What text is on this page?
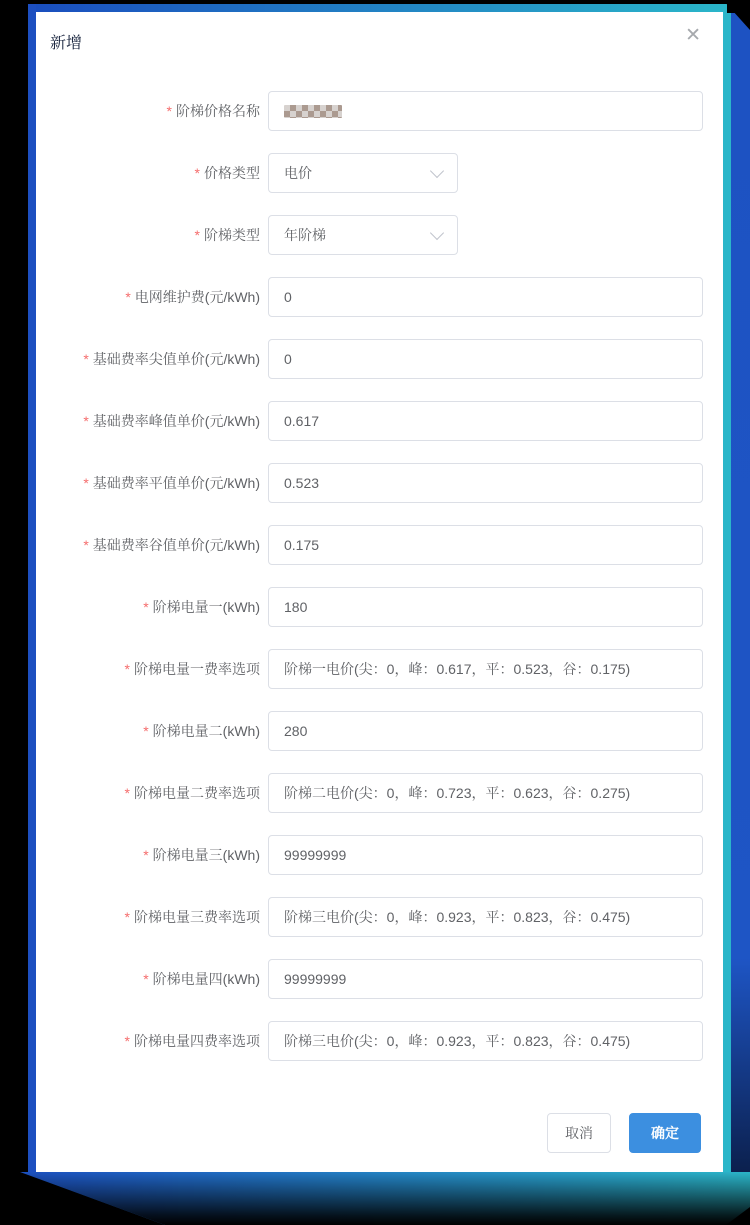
新增	✕
* 阶梯价格名称
* 价格类型 电价
* 阶梯类型 年阶梯
* 电网维护费(元/kWh) 0
* 基础费率尖值单价(元/kWh) 0
* 基础费率峰值单价(元/kWh) 0.617
* 基础费率平值单价(元/kWh) 0.523
* 基础费率谷值单价(元/kWh) 0.175
* 阶梯电量一(kWh) 180
* 阶梯电量一费率选项 阶梯一电价(尖：0，峰：0.617，平：0.523，谷：0.175)
* 阶梯电量二(kWh) 280
* 阶梯电量二费率选项 阶梯二电价(尖：0，峰：0.723，平：0.623，谷：0.275)
* 阶梯电量三(kWh) 99999999
* 阶梯电量三费率选项 阶梯三电价(尖：0，峰：0.923，平：0.823，谷：0.475)
* 阶梯电量四(kWh) 99999999
* 阶梯电量四费率选项 阶梯三电价(尖：0，峰：0.923，平：0.823，谷：0.475)
取消	确定
